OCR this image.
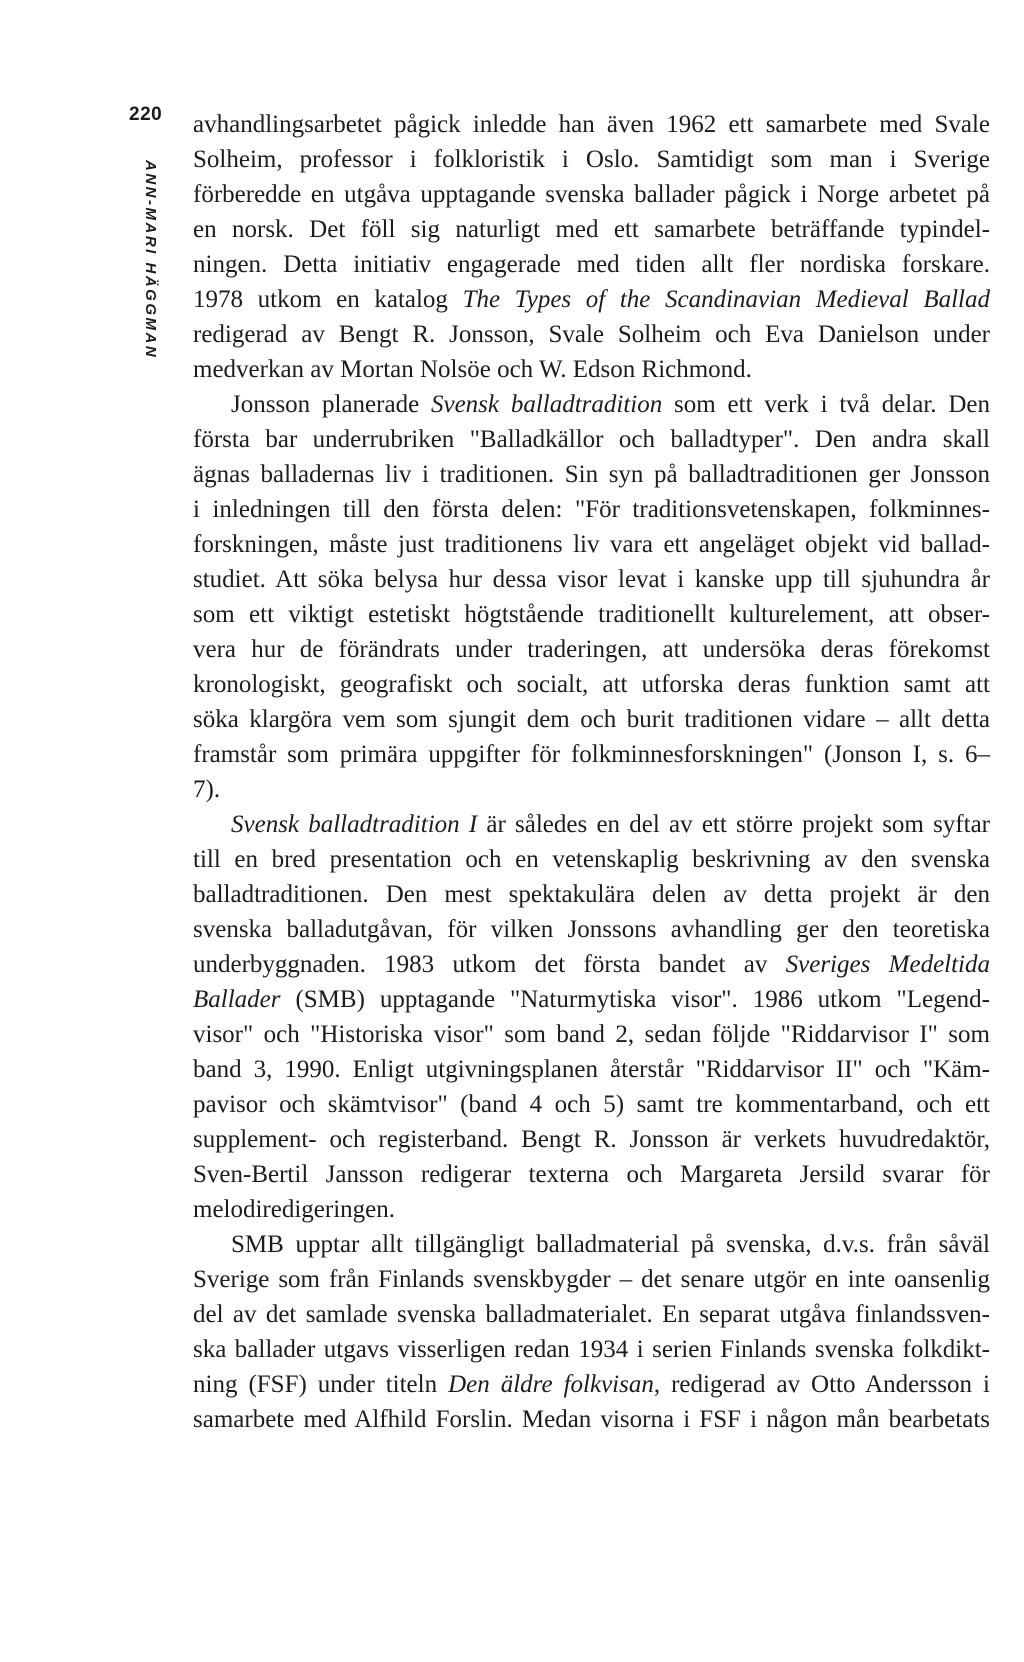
220
ANN-MARI HÄGGMAN
avhandlingsarbetet pågick inledde han även 1962 ett samarbete med Svale
Solheim, professor i folkloristik i Oslo. Samtidigt som man i Sverige
förberedde en utgåva upptagande svenska ballader pågick i Norge arbetet på
en norsk. Det föll sig naturligt med ett samarbete beträffande typindel-
ningen. Detta initiativ engagerade med tiden allt fler nordiska forskare.
1978 utkom en katalog The Types of the Scandinavian Medieval Ballad
redigerad av Bengt R. Jonsson, Svale Solheim och Eva Danielson under
medverkan av Mortan Nolsöe och W. Edson Richmond.
Jonsson planerade Svensk balladtradition som ett verk i två delar. Den
första bar underrubriken "Balladkällor och balladtyper". Den andra skall
ägnas balladernas liv i traditionen. Sin syn på balladtraditionen ger Jonsson
i inledningen till den första delen: "För traditionsvetenskapen, folkminnes-
forskningen, måste just traditionens liv vara ett angeläget objekt vid ballad-
studiet. Att söka belysa hur dessa visor levat i kanske upp till sjuhundra år
som ett viktigt estetiskt högtstående traditionellt kulturelement, att obser-
vera hur de förändrats under traderingen, att undersöka deras förekomst
kronologiskt, geografiskt och socialt, att utforska deras funktion samt att
söka klargöra vem som sjungit dem och burit traditionen vidare – allt detta
framstår som primära uppgifter för folkminnesforskningen" (Jonson I, s. 6–
7).
Svensk balladtradition I är således en del av ett större projekt som syftar
till en bred presentation och en vetenskaplig beskrivning av den svenska
balladtraditionen. Den mest spektakulära delen av detta projekt är den
svenska balladutgåvan, för vilken Jonssons avhandling ger den teoretiska
underbyggnaden. 1983 utkom det första bandet av Sveriges Medeltida
Ballader (SMB) upptagande "Naturmytiska visor". 1986 utkom "Legend-
visor" och "Historiska visor" som band 2, sedan följde "Riddarvisor I" som
band 3, 1990. Enligt utgivningsplanen återstår "Riddarvisor II" och "Käm-
pavisor och skämtvisor" (band 4 och 5) samt tre kommentarband, och ett
supplement- och registerband. Bengt R. Jonsson är verkets huvudredaktör,
Sven-Bertil Jansson redigerar texterna och Margareta Jersild svarar för
melodiredigeringen.
SMB upptar allt tillgängligt balladmaterial på svenska, d.v.s. från såväl
Sverige som från Finlands svenskbygder – det senare utgör en inte oansenlig
del av det samlade svenska balladmaterialet. En separat utgåva finlandssven-
ska ballader utgavs visserligen redan 1934 i serien Finlands svenska folkdikt-
ning (FSF) under titeln Den äldre folkvisan, redigerad av Otto Andersson i
samarbete med Alfhild Forslin. Medan visorna i FSF i någon mån bearbetats
